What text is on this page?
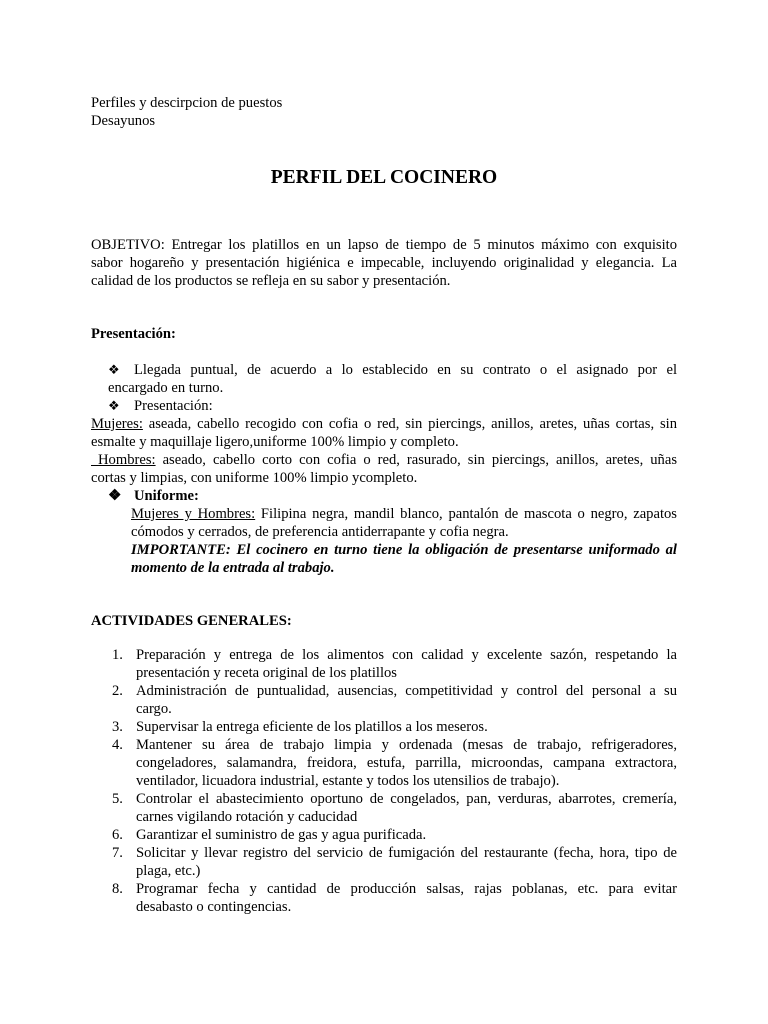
Perfiles y descirpcion de puestos
Desayunos
PERFIL DEL COCINERO
OBJETIVO: Entregar los platillos en un lapso de tiempo de 5 minutos máximo con exquisito
sabor hogareño y presentación higiénica e impecable, incluyendo originalidad y elegancia. La
calidad de los productos se refleja en su sabor y presentación.
Presentación:
❖ Llegada puntual, de acuerdo a lo establecido en su contrato o el asignado por el
encargado en turno.
❖ Presentación:
Mujeres: aseada, cabello recogido con cofia o red, sin piercings, anillos, aretes, uñas cortas, sin
esmalte y maquillaje ligero,uniforme 100% limpio y completo.
Hombres: aseado, cabello corto con cofia o red, rasurado, sin piercings, anillos, aretes, uñas
cortas y limpias, con uniforme 100% limpio ycompleto.
❖ Uniforme:
Mujeres y Hombres: Filipina negra, mandil blanco, pantalón de mascota o negro, zapatos
cómodos y cerrados, de preferencia antiderrapante y cofia negra.
IMPORTANTE: El cocinero en turno tiene la obligación de presentarse uniformado al
momento de la entrada al trabajo.
ACTIVIDADES GENERALES:
1. Preparación y entrega de los alimentos con calidad y excelente sazón, respetando la
presentación y receta original de los platillos
2. Administración de puntualidad, ausencias, competitividad y control del personal a su
cargo.
3. Supervisar la entrega eficiente de los platillos a los meseros.
4. Mantener su área de trabajo limpia y ordenada (mesas de trabajo, refrigeradores,
congeladores, salamandra, freidora, estufa, parrilla, microondas, campana extractora,
ventilador, licuadora industrial, estante y todos los utensilios de trabajo).
5. Controlar el abastecimiento oportuno de congelados, pan, verduras, abarrotes, cremería,
carnes vigilando rotación y caducidad
6. Garantizar el suministro de gas y agua purificada.
7. Solicitar y llevar registro del servicio de fumigación del restaurante (fecha, hora, tipo de
plaga, etc.)
8. Programar fecha y cantidad de producción salsas, rajas poblanas, etc. para evitar
desabasto o contingencias.
